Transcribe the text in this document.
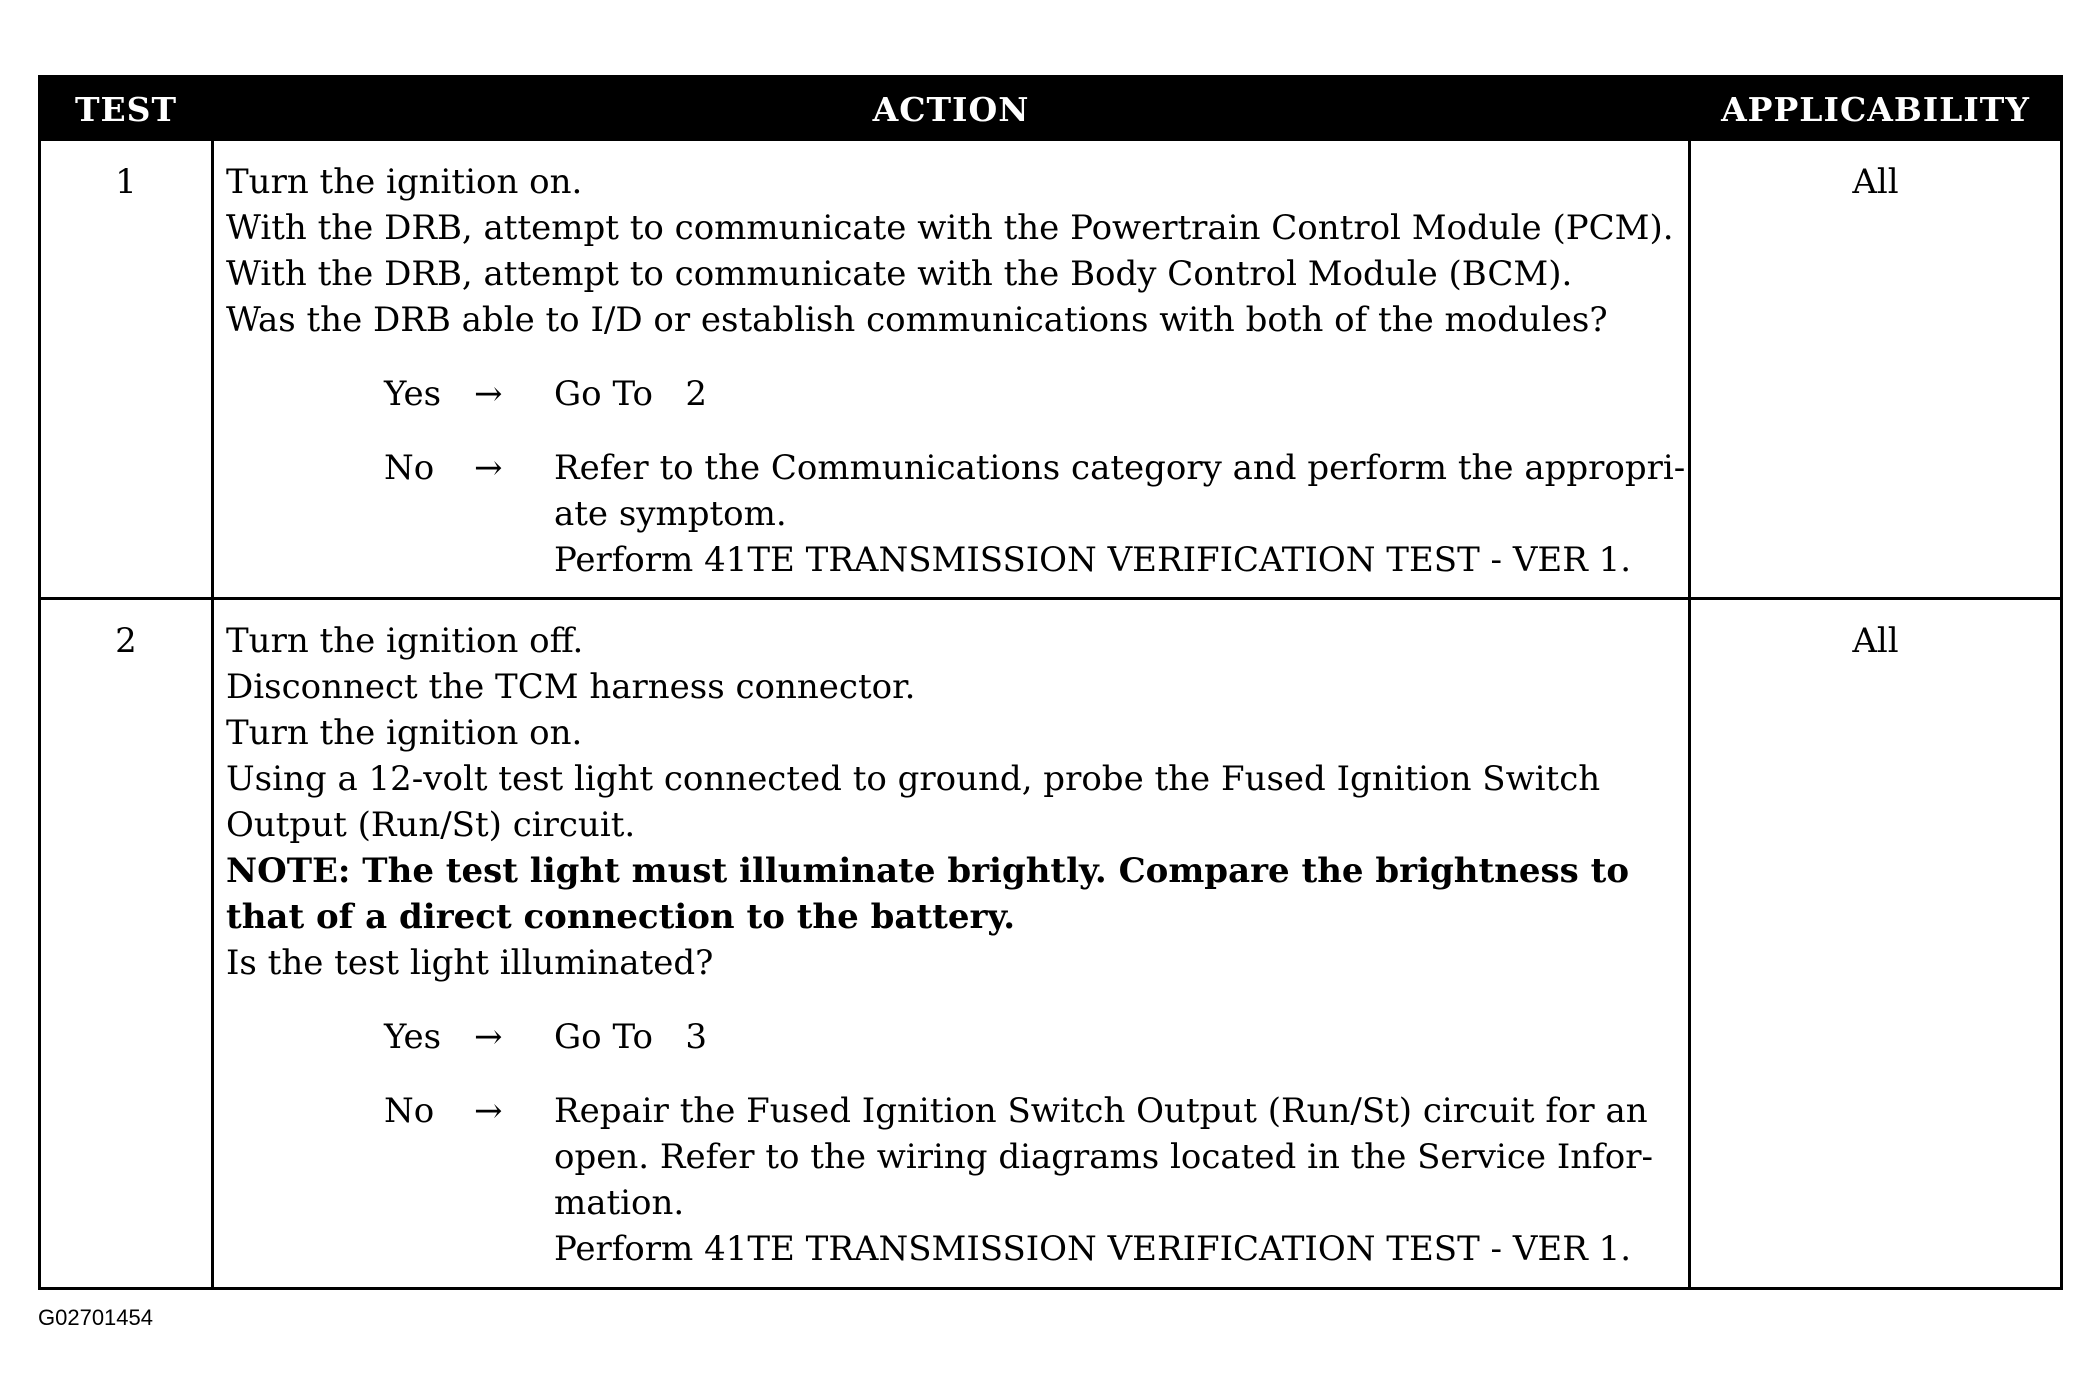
TEST	ACTION	APPLICABILITY
1	Turn the ignition on.
With the DRB, attempt to communicate with the Powertrain Control Module (PCM).
With the DRB, attempt to communicate with the Body Control Module (BCM).
Was the DRB able to I/D or establish communications with both of the modules?
Yes →	Go To   2
No	→	Refer to the Communications category and perform the appropri-
ate symptom.
Perform 41TE TRANSMISSION VERIFICATION TEST - VER 1.
All
2	Turn the ignition off.
Disconnect the TCM harness connector.
Turn the ignition on.
Using a 12-volt test light connected to ground, probe the Fused Ignition Switch
Output (Run/St) circuit.
NOTE: The test light must illuminate brightly. Compare the brightness to
that of a direct connection to the battery.
Is the test light illuminated?
Yes →	Go To   3
No	→	Repair the Fused Ignition Switch Output (Run/St) circuit for an
open. Refer to the wiring diagrams located in the Service Infor-
mation.
Perform 41TE TRANSMISSION VERIFICATION TEST - VER 1.
All
G02701454
